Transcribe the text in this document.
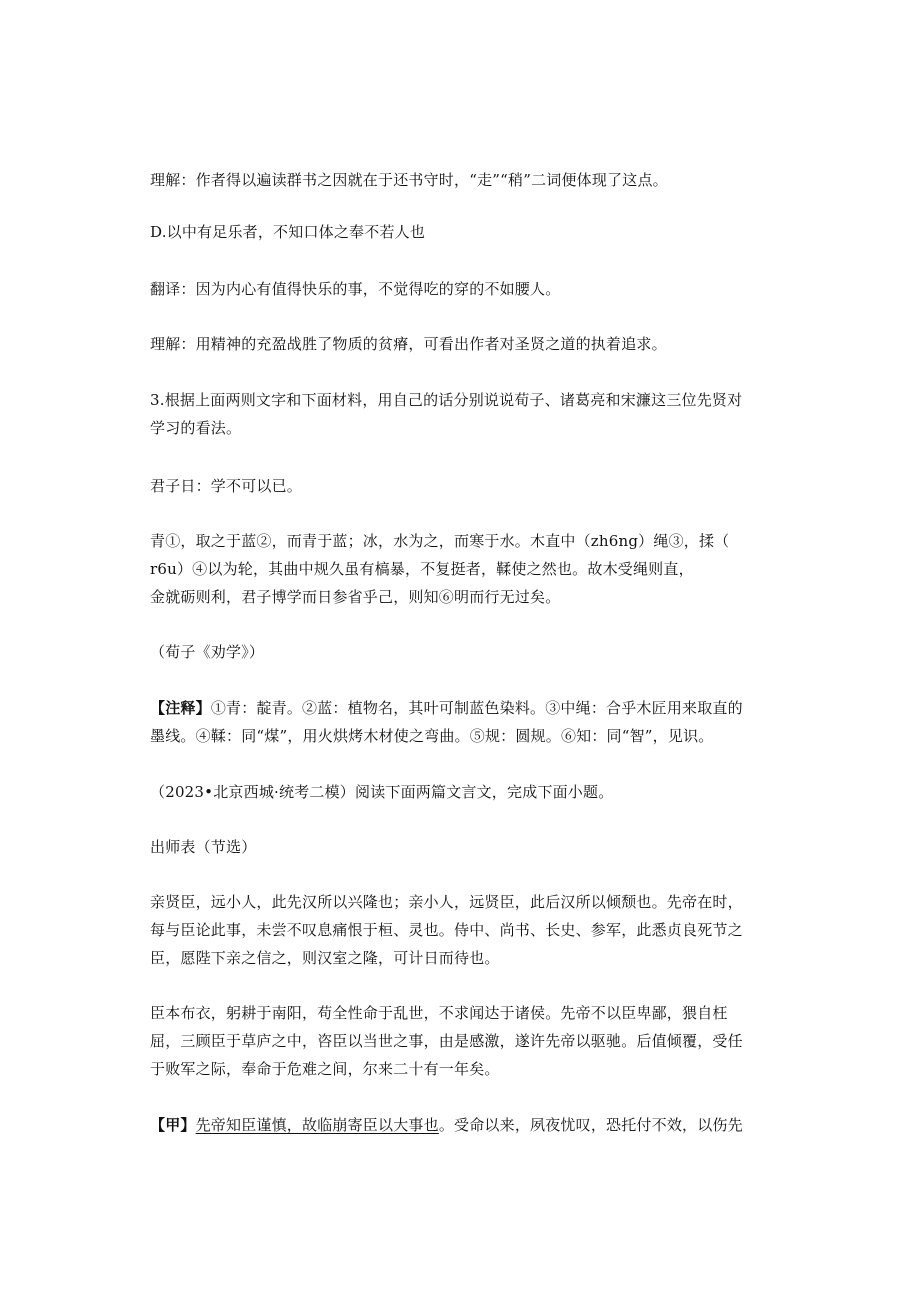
理解：作者得以遍读群书之因就在于还书守时，“走”“稍”二词便体现了这点。
D.以中有足乐者，不知口体之奉不若人也
翻译：因为内心有值得快乐的事，不觉得吃的穿的不如腰人。
理解：用精神的充盈战胜了物质的贫瘠，可看出作者对圣贤之道的执着追求。
3.根据上面两则文字和下面材料，用自己的话分别说说荀子、诸葛亮和宋濂这三位先贤对
学习的看法。
君子日：学不可以已。
青①，取之于蓝②，而青于蓝；冰，水为之，而寒于水。木直中（zh6ng）绳③，揉（
r6u）④以为轮，其曲中规久虽有槁暴，不复挺者，鞣使之然也。故木受绳则直，
金就砺则利，君子博学而日参省乎己，则知⑥明而行无过矣。
（荀子《劝学》）
【注释】①青：靛青。②蓝：植物名，其叶可制蓝色染料。③中绳：合乎木匠用来取直的
墨线。④鞣：同“煤”，用火烘烤木材使之弯曲。⑤规：圆规。⑥知：同“智”，见识。
（2023•北京西城·统考二模）阅读下面两篇文言文，完成下面小题。
出师表（节选）
亲贤臣，远小人，此先汉所以兴隆也；亲小人，远贤臣，此后汉所以倾颓也。先帝在时，
每与臣论此事，未尝不叹息痛恨于桓、灵也。侍中、尚书、长史、参军，此悉贞良死节之
臣，愿陛下亲之信之，则汉室之隆，可计日而待也。
臣本布衣，躬耕于南阳，苟全性命于乱世，不求闻达于诸侯。先帝不以臣卑鄙，猥自枉
屈，三顾臣于草庐之中，咨臣以当世之事，由是感激，遂许先帝以驱驰。后值倾覆，受任
于败军之际，奉命于危难之间，尔来二十有一年矣。
【甲】先帝知臣谨慎，故临崩寄臣以大事也。受命以来，夙夜忧叹，恐托付不效，以伤先
